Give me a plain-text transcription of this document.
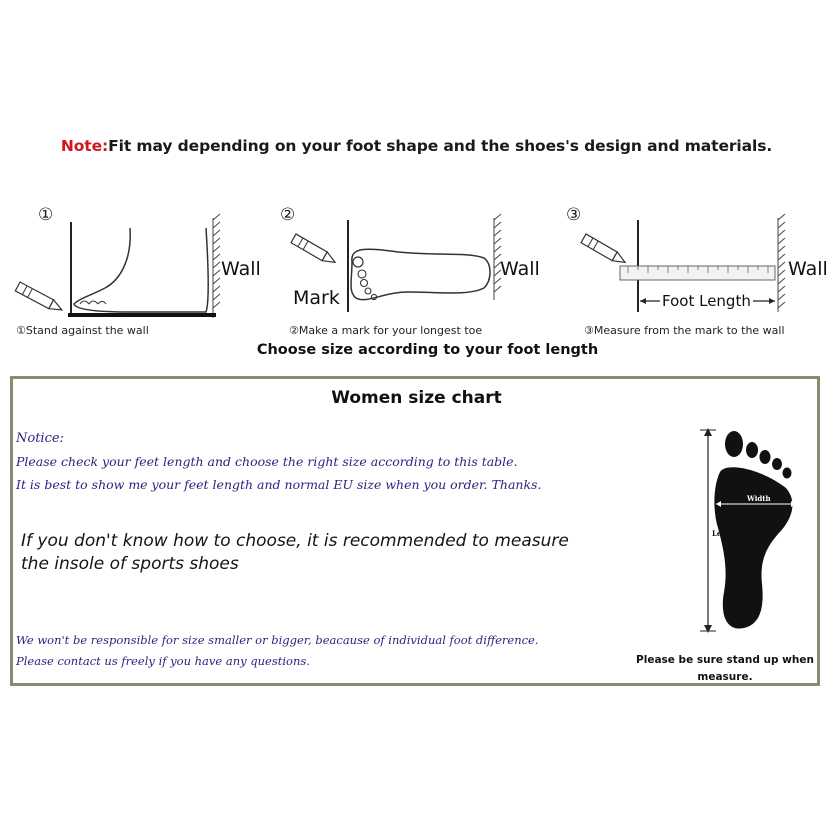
Note:Fit may depending on your foot shape and the shoes's design and materials.
①
Wall
①Stand against the wall
②
Mark
Wall
②Make a mark for your longest toe
③
Foot Length
Wall
③Measure from the mark to the wall
Choose size according to your foot length
Women size chart
Notice:
Please check your feet length and choose the right size according to this table.
It is best to show me your feet length and normal EU size when you order. Thanks.
If you don't know how to choose, it is recommended to measure
the insole of sports shoes
We won't be responsible for size smaller or bigger, beacause of individual foot difference.
Please contact us freely if you have any questions.
Width
Length
Please be sure stand up when
measure.
